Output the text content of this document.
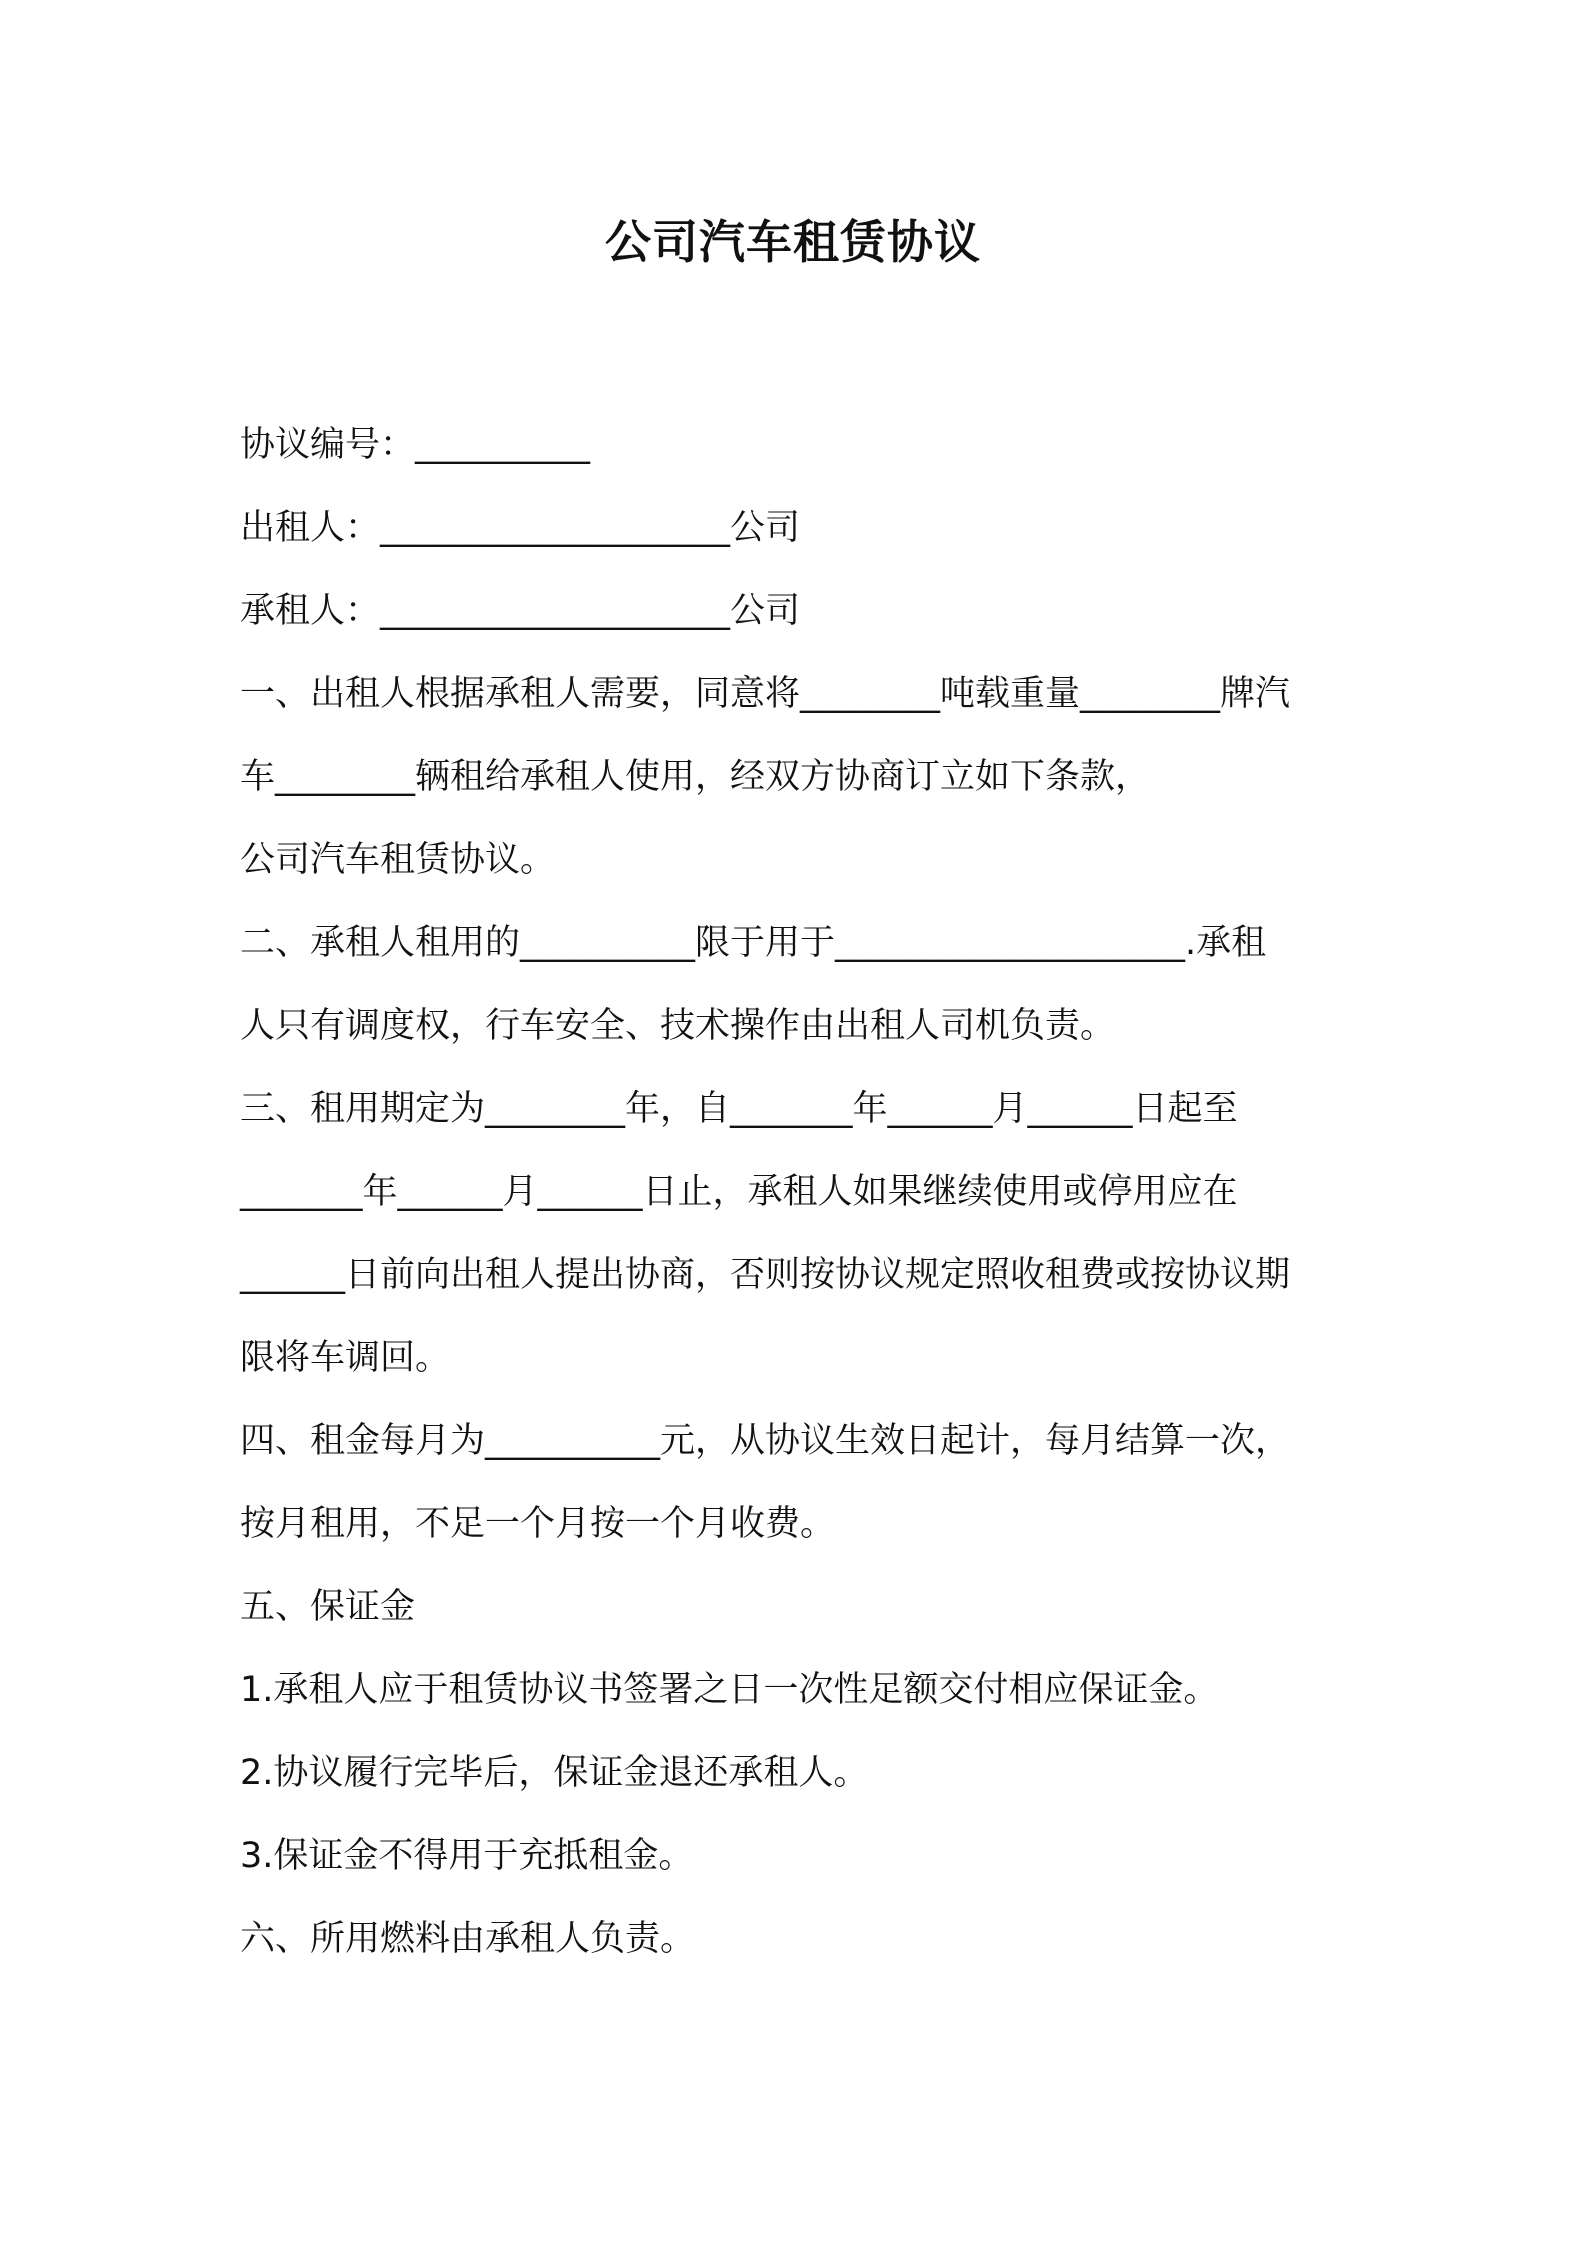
公司汽车租赁协议
协议编号：__________
出租人：____________________公司
承租人：____________________公司
一、出租人根据承租人需要，同意将________吨载重量________牌汽
车________辆租给承租人使用，经双方协商订立如下条款，
公司汽车租赁协议。
二、承租人租用的__________限于用于____________________.承租
人只有调度权，行车安全、技术操作由出租人司机负责。
三、租用期定为________年，自_______年______月______日起至
_______年______月______日止，承租人如果继续使用或停用应在
______日前向出租人提出协商，否则按协议规定照收租费或按协议期
限将车调回。
四、租金每月为__________元，从协议生效日起计，每月结算一次，
按月租用，不足一个月按一个月收费。
五、保证金
1.承租人应于租赁协议书签署之日一次性足额交付相应保证金。
2.协议履行完毕后，保证金退还承租人。
3.保证金不得用于充抵租金。
六、所用燃料由承租人负责。
